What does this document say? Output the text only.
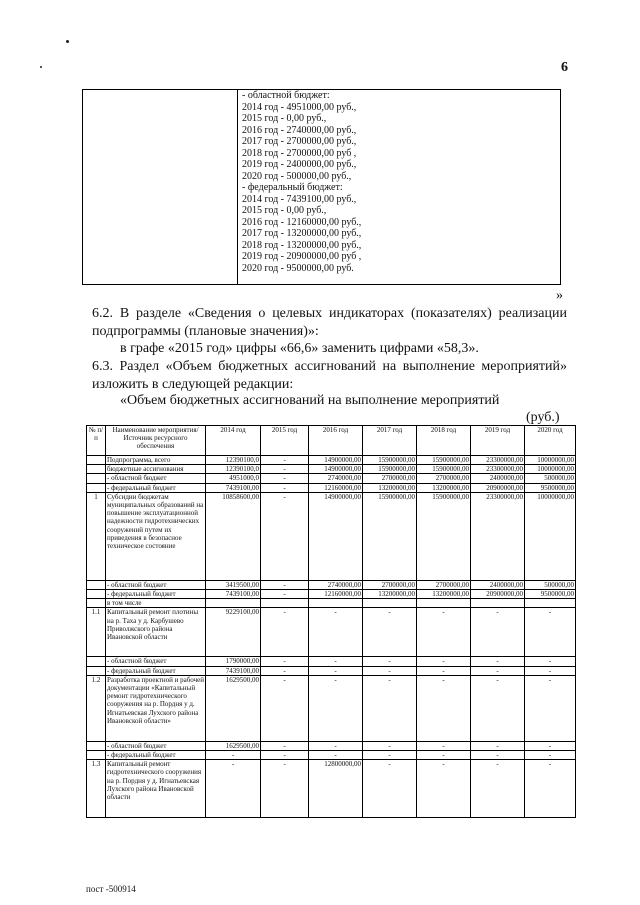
6
- областной бюджет:
2014 год - 4951000,00 руб.,
2015 год - 0,00 руб.,
2016 год - 2740000,00 руб.,
2017 год - 2700000,00 руб.,
2018 год - 2700000,00 руб ,
2019 год - 2400000,00 руб.,
2020 год - 500000,00 руб.,
- федеральный бюджет:
2014 год - 7439100,00 руб.,
2015 год - 0,00 руб.,
2016 год - 12160000,00 руб.,
2017 год - 13200000,00 руб.,
2018 год - 13200000,00 руб.,
2019 год - 20900000,00 руб ,
2020 год - 9500000,00 руб.
»
6.2. В разделе «Сведения о целевых индикаторах (показателях) реализации подпрограммы (плановые значения)»:
в графе «2015 год» цифры «66,6» заменить цифрами «58,3».
6.3. Раздел «Объем бюджетных ассигнований на выполнение мероприятий» изложить в следующей редакции:
«Объем бюджетных ассигнований на выполнение мероприятий
(руб.)
№ п/п	Наименование мероприятия/Источник ресурсного обеспечения	2014 год	2015 год	2016 год	2017 год	2018 год	2019 год	2020 год
	Подпрограмма, всего	12390100,0	-	14900000,00	15900000,00	15900000,00	23300000,00	10000000,00
	бюджетные ассигнования	12390100,0	-	14900000,00	15900000,00	15900000,00	23300000,00	10000000,00
	- областной бюджет	4951000,0	-	2740000,00	2700000,00	2700000,00	2400000,00	500000,00
	- федеральный бюджет	7439100,00	-	12160000,00	13200000,00	13200000,00	20900000,00	9500000,00
1	Субсидии бюджетам муниципальных образований на повышение эксплуатационной надежности гидротехнических сооружений путем их приведения в безопасное техническое состояние	10858600,00	-	14900000,00	15900000,00	15900000,00	23300000,00	10000000,00
	- областной бюджет	3419500,00	-	2740000,00	2700000,00	2700000,00	2400000,00	500000,00
	- федеральный бюджет	7439100,00	-	12160000,00	13200000,00	13200000,00	20900000,00	9500000,00
	в том числе							
1.1	Капитальный ремонт плотины на р. Таха у д. Карбушево Приволжского района Ивановской области	9229100,00	-	-	-	-	-	-
	- областной бюджет	1790000,00	-	-	-	-	-	-
	- федеральный бюджет	7439100,00	-	-	-	-	-	-
1.2	Разработка проектной и рабочей документации «Капитальный ремонт гидротехнического сооружения на р. Пордня у д. Игнатьевская Лухского района Ивановской области»	1629500,00	-	-	-	-	-	-
	- областной бюджет	1629500,00	-	-	-	-	-	-
	- федеральный бюджет	-	-	-	-	-	-	-
1.3	Капитальный ремонт гидротехнического сооружения на р. Пордня у д. Игнатьевская Лухского района Ивановской области	-	-	12800000,00	-	-	-	-
пост -500914
